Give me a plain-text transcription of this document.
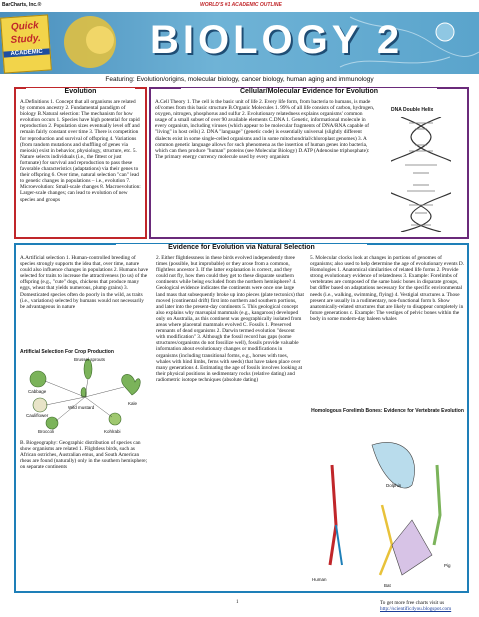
BarCharts, Inc.®	WORLD'S #1 ACADEMIC OUTLINE
Quick
Study.
ACADEMIC	BIOLOGY 2
Featuring: Evolution/origins, molecular biology, cancer biology, human aging and immunology
Evolution
A.Definitions 1. Concept that all organisms are related by common ancestry 2. Fundamental paradigm of biology B.Natural selection: The mechanism for how evolution occurs 1. Species have high potential for rapid reproduction 2. Population sizes eventually level off and remain fairly constant over time 3. There is competition for reproduction and survival of offspring 4. Variations (from random mutations and shuffling of genes via meiosis) exist in behavior, physiology, structure, etc. 5. Nature selects individuals (i.e., the fittest or just fortunate) for survival and reproduction to pass these favorable characteristics (adaptations) via their genes to their offspring 6. Over time, natural selection "can" lead to genetic changes in populations – i.e., evolution 7. Microevolution: Small-scale changes 8. Macroevolution: Larger-scale changes; can lead to evolution of new species and groups
Cellular/Molecular Evidence for Evolution
A.Cell Theory 1. The cell is the basic unit of life 2. Every life form, from bacteria to humans, is made of/comes from this basic structure B.Organic Molecules 1. 99% of all life consists of carbon, hydrogen, oxygen, nitrogen, phosphorus and sulfur 2. Evolutionary relatedness explains organisms' common usage of a small subset of over 90 available elements C.DNA 1. Genetic, informational molecule in every organism, including viruses (which appear to be molecular fragments of DNA/RNA capable of "living" in host cells) 2. DNA "language" (genetic code) is essentially universal (slightly different dialects exist in some single-celled organisms and in some mitochondrial/chloroplast genomes) 3. A common genetic language allows for such phenomena as the insertion of human genes into bacteria, which can then produce "human" proteins (see Molecular Biology) D.ATP (Adenosine triphosphate): The primary energy currency molecule used by every organism
DNA Double Helix
Evidence for Evolution via Natural Selection
A.Artificial selection 1. Human-controlled breeding of species strongly supports the idea that, over time, nature could also influence changes in populations 2. Humans have selected for traits to increase the attractiveness (to us) of the offspring (e.g., "cute" dogs, chickens that produce many eggs, wheat that yields numerous, plump grains) 3. Domesticated species often do poorly in the wild, as traits (i.e., variations) selected by humans would not necessarily be advantageous in nature
Artificial Selection For Crop Production
Cabbage
Brussel sprouts
Cauliflower
Kale
Wild mustard
Broccoli	Kohlrabi
B. Biogeography: Geographic distribution of species can show organisms are related 1. Flightless birds, such as African ostriches, Australian emus, and South American rheas are found (naturally) only in the southern hemisphere; on separate continents
2. Either flightlessness in these birds evolved independently three times (possible, but improbable) or they arose from a common, flightless ancestor 3. If the latter explanation is correct, and they could not fly, how then could they get to these disparate southern continents while being excluded from the northern hemisphere? 4. Geological evidence indicates the continents were once one large land mass that subsequently broke up into pieces (plate tectonics) that moved (continental drift) first into northern and southern portions, and later into the present-day continents 5. This geological concept also explains why marsupial mammals (e.g., kangaroos) developed only on Australia, as this continent was geographically isolated from areas where placental mammals evolved C. Fossils 1. Preserved remnants of dead organisms 2. Darwin termed evolution "descent with modification" 3. Although the fossil record has gaps (some structures/organisms do not fossilize well), fossils provide valuable information about evolutionary changes or modifications in organisms (including transitional forms, e.g., horses with toes, whales with hind limbs, ferns with seeds) that have taken place over many generations 4. Estimating the age of fossils involves looking at their physical positions in sedimentary rocks (relative dating) and radiometric isotope techniques (absolute dating)
5. Molecular clocks look at changes in portions of genomes of organisms; also used to help determine the age of evolutionary events D. Homologies 1. Anatomical similarities of related life forms 2. Provide strong evolutionary evidence of relatedness 3. Example: Forelimbs of vertebrates are composed of the same basic bones in disparate groups, but differ based on adaptations necessary for the specific environmental needs (i.e., walking, swimming, flying) 4. Vestigial structures a. Those present are usually in a rudimentary, non-functional form b. Show anatomically-related structures that are likely to disappear completely in future generations c. Example: The vestiges of pelvic bones within the body in some modern-day baleen whales
Homologous Forelimb Bones: Evidence for Vertebrate Evolution
Dolphin
Human
Bat
Pig
1	To get more free charts visit us
http://scientific4you.blogspot.com
